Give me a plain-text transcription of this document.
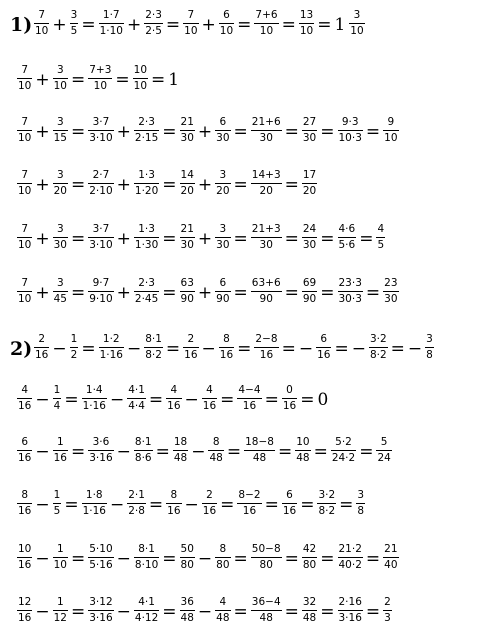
1) 7
10 + 3
5 = 1·7
1·10 + 2·3
2·5 = 7
10 + 6
10 = 7+6
10 = 13
10 = 1 3
10
7
10 + 3
10 = 7+3
10 = 10
10 = 1
7
10 + 3
15 = 3·7
3·10 + 2·3
2·15 = 21
30 + 6
30 = 21+6
30 = 27
30 = 9·3
10·3 = 9
10
7
10 + 3
20 = 2·7
2·10 + 1·3
1·20 = 14
20 + 3
20 = 14+3
20 = 17
20
7
10 + 3
30 = 3·7
3·10 + 1·3
1·30 = 21
30 + 3
30 = 21+3
30 = 24
30 = 4·6
5·6 = 4
5
7
10 + 3
45 = 9·7
9·10 + 2·3
2·45 = 63
90 + 6
90 = 63+6
90 = 69
90 = 23·3
30·3 = 23
30
2) 2
16 − 1
2 = 1·2
1·16 − 8·1
8·2 = 2
16 − 8
16 = 2−8
16 = − 6
16 = − 3·2
8·2 = − 3
8
4
16 − 1
4 = 1·4
1·16 − 4·1
4·4 = 4
16 − 4
16 = 4−4
16 = 0
16 = 0
6
16 − 1
16 = 3·6
3·16 − 8·1
8·6 = 18
48 − 8
48 = 18−8
48 = 10
48 = 5·2
24·2 = 5
24
8
16 − 1
5 = 1·8
1·16 − 2·1
2·8 = 8
16 − 2
16 = 8−2
16 = 6
16 = 3·2
8·2 = 3
8
10
16 − 1
10 = 5·10
5·16 − 8·1
8·10 = 50
80 − 8
80 = 50−8
80 = 42
80 = 21·2
40·2 = 21
40
12
16 − 1
12 = 3·12
3·16 − 4·1
4·12 = 36
48 − 4
48 = 36−4
48 = 32
48 = 2·16
3·16 = 2
3
